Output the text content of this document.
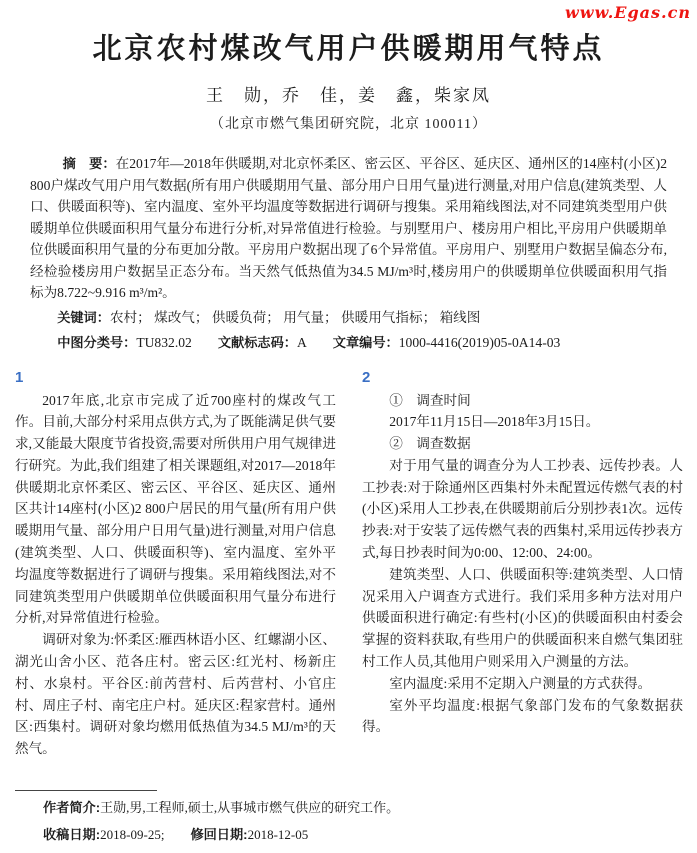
www.Egas.cn
北京农村煤改气用户供暖期用气特点
王　勋，乔　佳，姜　鑫，柴家凤
（北京市燃气集团研究院，北京 100011）

摘　要：在2017年—2018年供暖期,对北京怀柔区、密云区、平谷区、延庆区、通州区的14座村(小区)2 800户煤改气用户用气数据(所有用户供暖期用气量、部分用户日用气量)进行测量,对用户信息(建筑类型、人口、供暖面积等)、室内温度、室外平均温度等数据进行调研与搜集。采用箱线图法,对不同建筑类型用户供暖期单位供暖面积用气量分布进行分析,对异常值进行检验。与别墅用户、楼房用户相比,平房用户供暖期单位供暖面积用气量的分布更加分散。平房用户数据出现了6个异常值。平房用户、别墅用户数据呈偏态分布,经检验楼房用户数据呈正态分布。当天然气低热值为34.5 MJ/m³时,楼房用户的供暖期单位供暖面积用气指标为8.722~9.916 m³/m²。

关键词：农村； 煤改气； 供暖负荷； 用气量； 供暖用气指标； 箱线图

中图分类号：TU832.02 文献标志码：A 文章编号：1000-4416(2019)05-0A14-03

1

2017年底,北京市完成了近700座村的煤改气工作。目前,大部分村采用点供方式,为了既能满足供气要求,又能最大限度节省投资,需要对所供用户用气规律进行研究。为此,我们组建了相关课题组,对2017—2018年供暖期北京怀柔区、密云区、平谷区、延庆区、通州区共计14座村(小区)2 800户居民的用气量(所有用户供暖期用气量、部分用户日用气量)进行测量,对用户信息(建筑类型、人口、供暖面积等)、室内温度、室外平均温度等数据进行了调研与搜集。采用箱线图法,对不同建筑类型用户供暖期单位供暖面积用气量分布进行分析,对异常值进行检验。

调研对象为:怀柔区:雁西林语小区、红螺湖小区、湖光山舍小区、范各庄村。密云区:红光村、杨新庄村、水泉村。平谷区:前芮营村、后芮营村、小官庄村、周庄子村、南宅庄户村。延庆区:程家营村。通州区:西集村。调研对象均燃用低热值为34.5 MJ/m³的天然气。

2

①　调查时间

2017年11月15日—2018年3月15日。

②　调查数据

对于用气量的调查分为人工抄表、远传抄表。人工抄表:对于除通州区西集村外未配置远传燃气表的村(小区)采用人工抄表,在供暖期前后分别抄表1次。远传抄表:对于安装了远传燃气表的西集村,采用远传抄表方式,每日抄表时间为0:00、12:00、24:00。

建筑类型、人口、供暖面积等:建筑类型、人口情况采用入户调查方式进行。我们采用多种方法对用户供暖面积进行确定:有些村(小区)的供暖面积由村委会掌握的资料获取,有些用户的供暖面积来自燃气集团驻村工作人员,其他用户则采用入户测量的方法。

室内温度:采用不定期入户测量的方式获得。

室外平均温度:根据气象部门发布的气象数据获得。

作者简介:王勋,男,工程师,硕士,从事城市燃气供应的研究工作。

收稿日期:2018-09-25; 修回日期:2018-12-05
